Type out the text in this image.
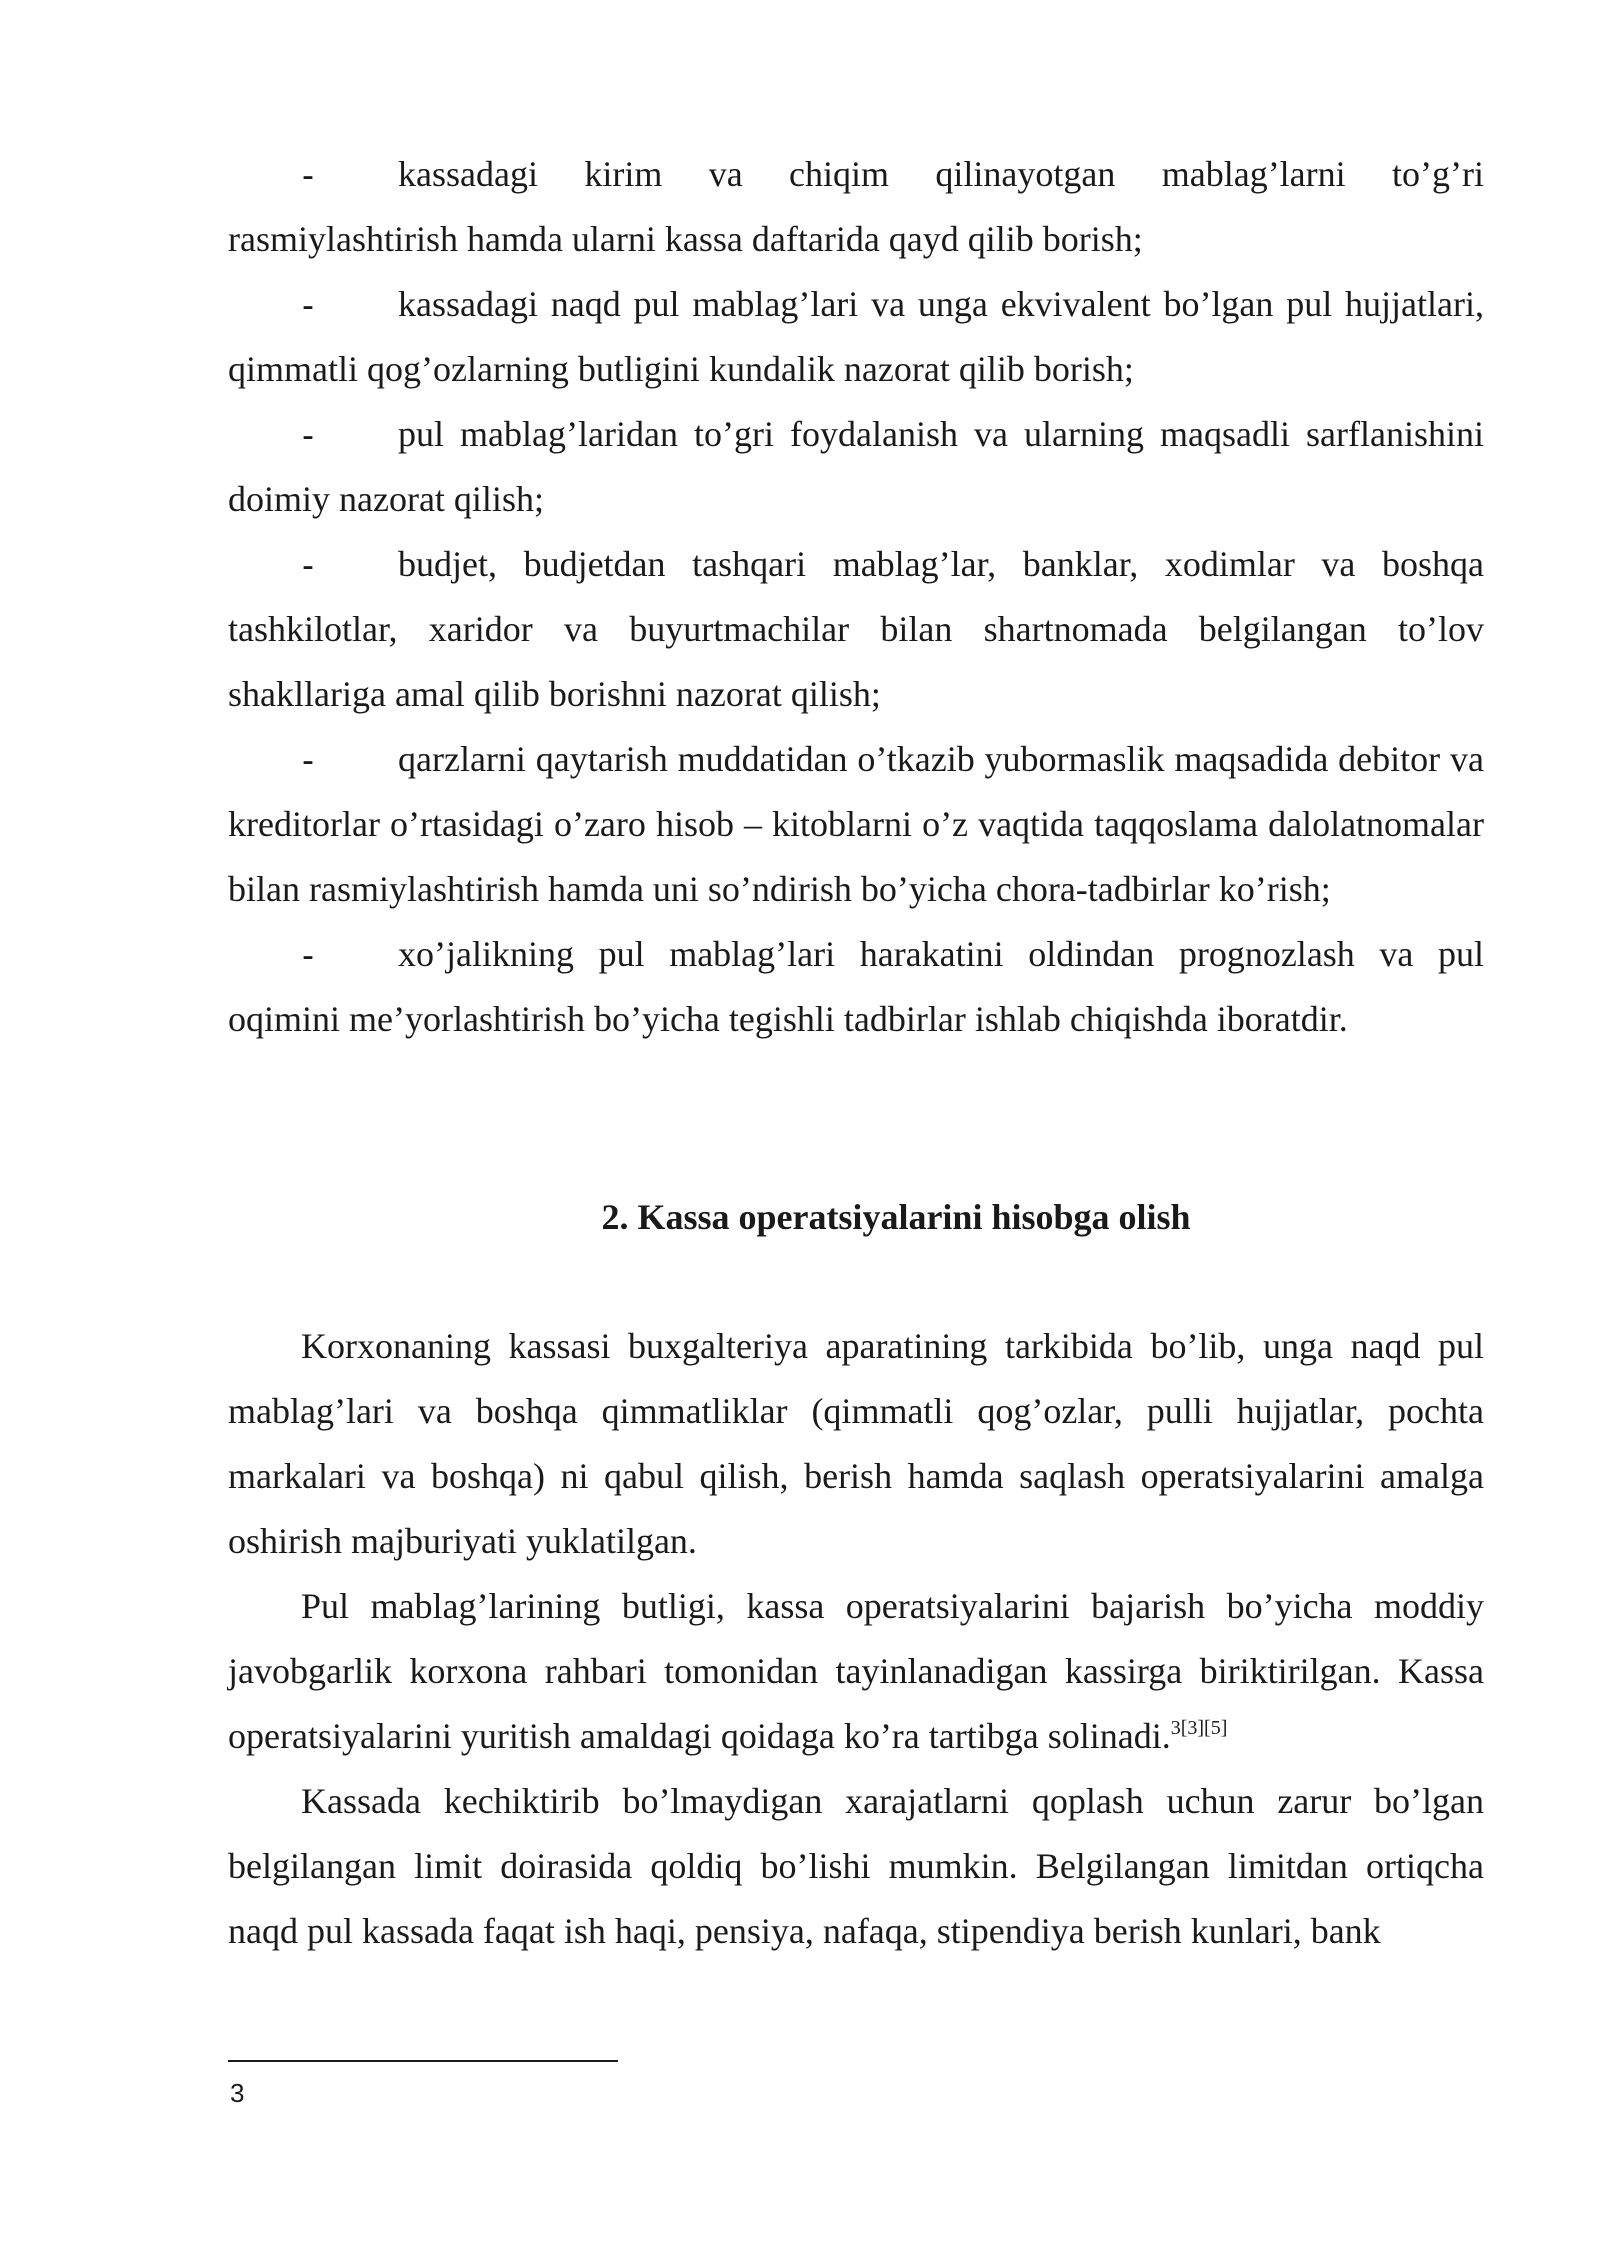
- kassadagi kirim va chiqim qilinayotgan mablag’larni to’g’ri rasmiylashtirish hamda ularni kassa daftarida qayd qilib borish;

- kassadagi naqd pul mablag’lari va unga ekvivalent bo’lgan pul hujjatlari, qimmatli qog’ozlarning butligini kundalik nazorat qilib borish;

- pul mablag’laridan to’gri foydalanish va ularning maqsadli sarflanishini doimiy nazorat qilish;

- budjet, budjetdan tashqari mablag’lar, banklar, xodimlar va boshqa tashkilotlar, xaridor va buyurtmachilar bilan shartnomada belgilangan to’lov shakllariga amal qilib borishni nazorat qilish;

- qarzlarni qaytarish muddatidan o’tkazib yubormaslik maqsadida debitor va kreditorlar o’rtasidagi o’zaro hisob – kitoblarni o’z vaqtida taqqoslama dalolatnomalar bilan rasmiylashtirish hamda uni so’ndirish bo’yicha chora-tadbirlar ko’rish;

- xo’jalikning pul mablag’lari harakatini oldindan prognozlash va pul oqimini me’yorlashtirish bo’yicha tegishli tadbirlar ishlab chiqishda iboratdir.

2. Kassa operatsiyalarini hisobga olish

Korxonaning kassasi buxgalteriya aparatining tarkibida bo’lib, unga naqd pul mablag’lari va boshqa qimmatliklar (qimmatli qog’ozlar, pulli hujjatlar, pochta markalari va boshqa) ni qabul qilish, berish hamda saqlash operatsiyalarini amalga oshirish majburiyati yuklatilgan.

Pul mablag’larining butligi, kassa operatsiyalarini bajarish bo’yicha moddiy javobgarlik korxona rahbari tomonidan tayinlanadigan kassirga biriktirilgan. Kassa operatsiyalarini yuritish amaldagi qoidaga ko’ra tartibga solinadi.$^{3[3][5]}$

Kassada kechiktirib bo’lmaydigan xarajatlarni qoplash uchun zarur bo’lgan belgilangan limit doirasida qoldiq bo’lishi mumkin. Belgilangan limitdan ortiqcha naqd pul kassada faqat ish haqi, pensiya, nafaqa, stipendiya berish kunlari, bank

3
